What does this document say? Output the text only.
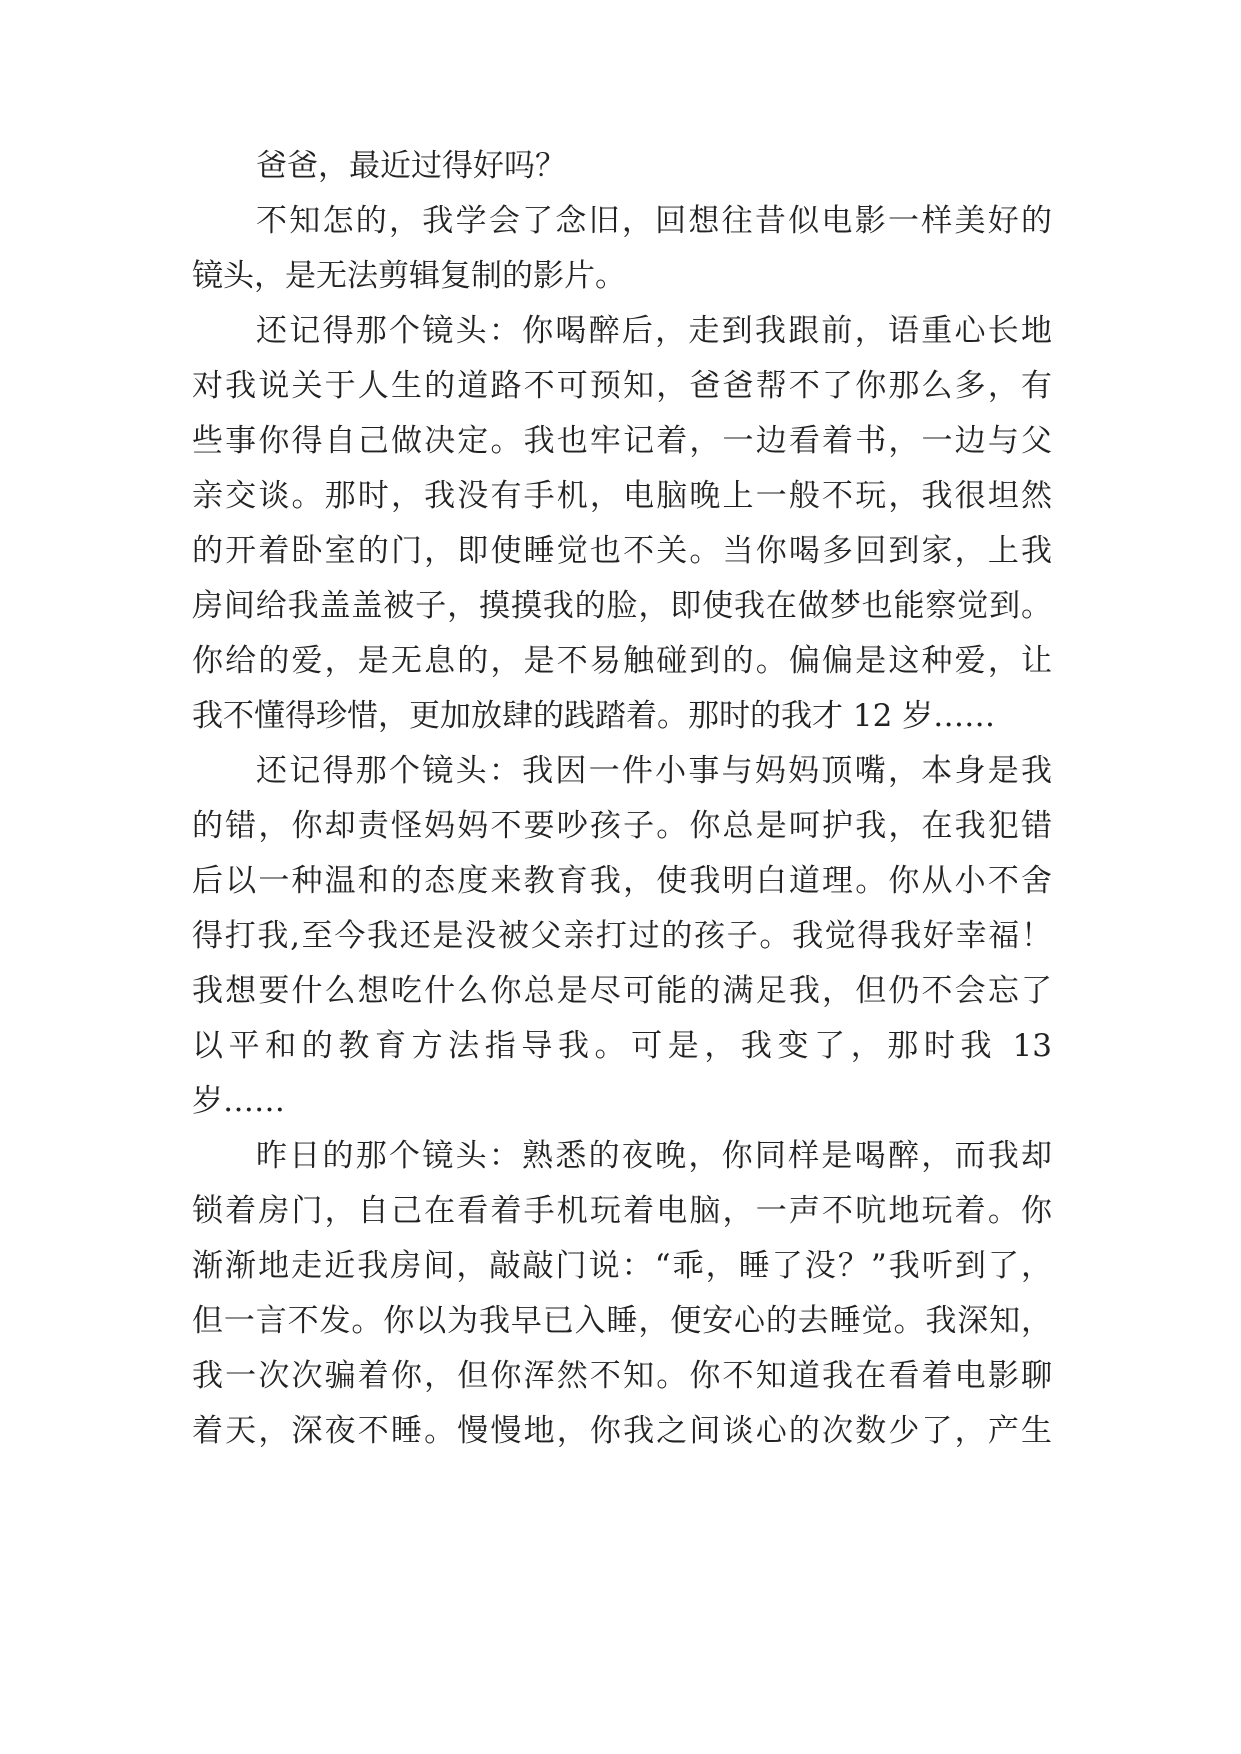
爸爸，最近过得好吗？
不知怎的，我学会了念旧，回想往昔似电影一样美好的
镜头，是无法剪辑复制的影片。
还记得那个镜头：你喝醉后，走到我跟前，语重心长地
对我说关于人生的道路不可预知，爸爸帮不了你那么多，有
些事你得自己做决定。我也牢记着，一边看着书，一边与父
亲交谈。那时，我没有手机，电脑晚上一般不玩，我很坦然
的开着卧室的门，即使睡觉也不关。当你喝多回到家，上我
房间给我盖盖被子，摸摸我的脸，即使我在做梦也能察觉到。
你给的爱，是无息的，是不易触碰到的。偏偏是这种爱，让
我不懂得珍惜，更加放肆的践踏着。那时的我才 12 岁……
还记得那个镜头：我因一件小事与妈妈顶嘴，本身是我
的错，你却责怪妈妈不要吵孩子。你总是呵护我，在我犯错
后以一种温和的态度来教育我，使我明白道理。你从小不舍
得打我,至今我还是没被父亲打过的孩子。我觉得我好幸福！
我想要什么想吃什么你总是尽可能的满足我，但仍不会忘了
以平和的教育方法指导我。可是，我变了，那时我 13
岁……
昨日的那个镜头：熟悉的夜晚，你同样是喝醉，而我却
锁着房门，自己在看着手机玩着电脑，一声不吭地玩着。你
渐渐地走近我房间，敲敲门说：“乖，睡了没？”我听到了，
但一言不发。你以为我早已入睡，便安心的去睡觉。我深知，
我一次次骗着你，但你浑然不知。你不知道我在看着电影聊
着天，深夜不睡。慢慢地，你我之间谈心的次数少了，产生
